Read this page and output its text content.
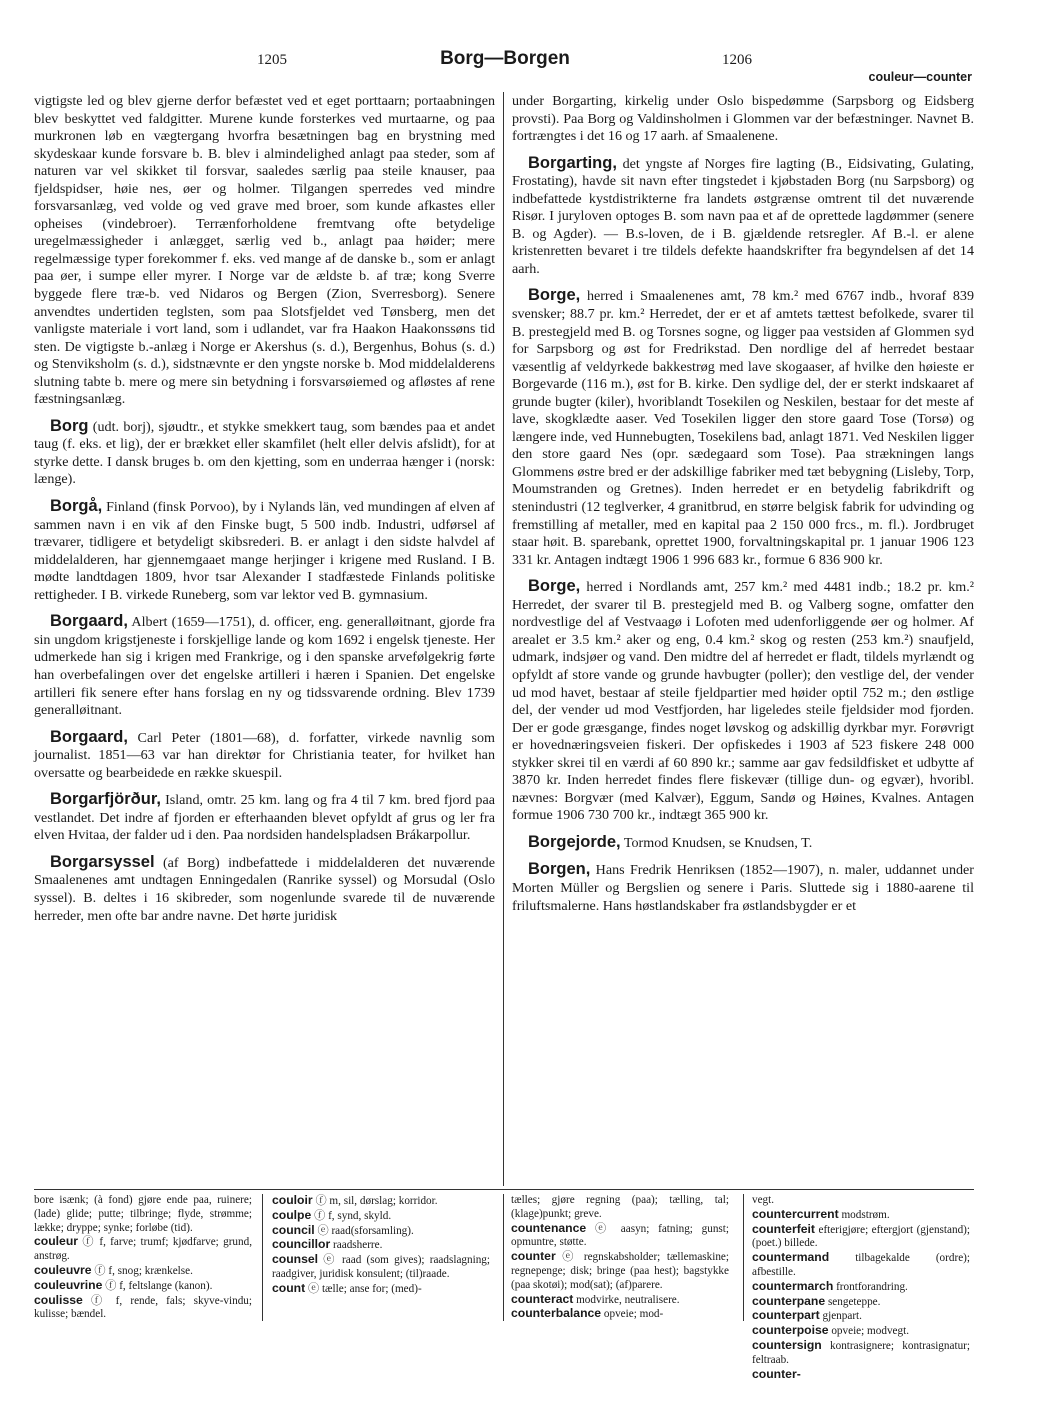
1205	Borg—Borgen	1206
couleur—counter

vigtigste led og blev gjerne derfor befæstet ved et eget porttaarn; portaabningen blev beskyttet ved faldgitter. Murene kunde forsterkes ved murtaarne, og paa murkronen løb en vægtergang hvorfra besætningen bag en brystning med skydeskaar kunde forsvare b. B. blev i almindelighed anlagt paa steder, som af naturen var vel skikket til forsvar, saaledes særlig paa steile knauser, paa fjeldspidser, høie nes, øer og holmer. Tilgangen sperredes ved mindre forsvarsanlæg, ved volde og ved grave med broer, som kunde afkastes eller opheises (vindebroer). Terrænforholdene fremtvang ofte betydelige uregelmæssigheder i anlægget, særlig ved b., anlagt paa høider; mere regelmæssige typer forekommer f. eks. ved mange af de danske b., som er anlagt paa øer, i sumpe eller myrer. I Norge var de ældste b. af træ; kong Sverre byggede flere træ-b. ved Nidaros og Bergen (Zion, Sverresborg). Senere anvendtes undertiden teglsten, som paa Slotsfjeldet ved Tønsberg, men det vanligste materiale i vort land, som i udlandet, var fra Haakon Haakonssøns tid sten. De vigtigste b.-anlæg i Norge er Akershus (s. d.), Bergenhus, Bohus (s. d.) og Stenviksholm (s. d.), sidstnævnte er den yngste norske b. Mod middelalderens slutning tabte b. mere og mere sin betydning i forsvarsøiemed og afløstes af rene fæstningsanlæg.

Borg (udt. borj), sjøudtr., et stykke smekkert taug, som bændes paa et andet taug (f. eks. et lig), der er brækket eller skamfilet (helt eller delvis afslidt), for at styrke dette. I dansk bruges b. om den kjetting, som en underraa hænger i (norsk: længe).

Borgå, Finland (finsk Porvoo), by i Nylands län, ved mundingen af elven af sammen navn i en vik af den Finske bugt, 5 500 indb. Industri, udførsel af trævarer, tidligere et betydeligt skibsrederi. B. er anlagt i den sidste halvdel af middelalderen, har gjennemgaaet mange herjinger i krigene med Rusland. I B. mødte landtdagen 1809, hvor tsar Alexander I stadfæstede Finlands politiske rettigheder. I B. virkede Runeberg, som var lektor ved B. gymnasium.

Borgaard, Albert (1659—1751), d. officer, eng. generalløitnant, gjorde fra sin ungdom krigstjeneste i forskjellige lande og kom 1692 i engelsk tjeneste. Her udmerkede han sig i krigen med Frankrige, og i den spanske arvefølgekrig førte han overbefalingen over det engelske artilleri i hæren i Spanien. Det engelske artilleri fik senere efter hans forslag en ny og tidssvarende ordning. Blev 1739 generalløitnant.

Borgaard, Carl Peter (1801—68), d. forfatter, virkede navnlig som journalist. 1851—63 var han direktør for Christiania teater, for hvilket han oversatte og bearbeidede en række skuespil.

Borgarfjörður, Island, omtr. 25 km. lang og fra 4 til 7 km. bred fjord paa vestlandet. Det indre af fjorden er efterhaanden blevet opfyldt af grus og ler fra elven Hvitaa, der falder ud i den. Paa nordsiden handelspladsen Brákarpollur.

Borgarsyssel (af Borg) indbefattede i middelalderen det nuværende Smaalenenes amt undtagen Enningedalen (Ranrike syssel) og Morsudal (Oslo syssel). B. deltes i 16 skibreder, som nogenlunde svarede til de nuværende herreder, men ofte bar andre navne. Det hørte juridisk

under Borgarting, kirkelig under Oslo bispedømme (Sarpsborg og Eidsberg provsti). Paa Borg og Valdinsholmen i Glommen var der befæstninger. Navnet B. fortrængtes i det 16 og 17 aarh. af Smaalenene.

Borgarting, det yngste af Norges fire lagting (B., Eidsivating, Gulating, Frostating), havde sit navn efter tingstedet i kjøbstaden Borg (nu Sarpsborg) og indbefattede kystdistrikterne fra landets østgrænse omtrent til det nuværende Risør. I juryloven optoges B. som navn paa et af de oprettede lagdømmer (senere B. og Agder). — B.s-loven, de i B. gjældende retsregler. Af B.-l. er alene kristenretten bevaret i tre tildels defekte haandskrifter fra begyndelsen af det 14 aarh.

Borge, herred i Smaalenenes amt, 78 km.² med 6767 indb., hvoraf 839 svensker; 88.7 pr. km.² Herredet, der er et af amtets tættest befolkede, svarer til B. prestegjeld med B. og Torsnes sogne, og ligger paa vestsiden af Glommen syd for Sarpsborg og øst for Fredrikstad. Den nordlige del af herredet bestaar væsentlig af veldyrkede bakkestrøg med lave skogaaser, af hvilke den høieste er Borgevarde (116 m.), øst for B. kirke. Den sydlige del, der er sterkt indskaaret af grunde bugter (kiler), hvoriblandt Tosekilen og Neskilen, bestaar for det meste af lave, skogklædte aaser. Ved Tosekilen ligger den store gaard Tose (Torsø) og længere inde, ved Hunnebugten, Tosekilens bad, anlagt 1871. Ved Neskilen ligger den store gaard Nes (opr. sædegaard som Tose). Paa strækningen langs Glommens østre bred er der adskillige fabriker med tæt bebygning (Lisleby, Torp, Moumstranden og Gretnes). Inden herredet er en betydelig fabrikdrift og stenindustri (12 teglverker, 4 granitbrud, en større belgisk fabrik for udvinding og fremstilling af metaller, med en kapital paa 2 150 000 frcs., m. fl.). Jordbruget staar høit. B. sparebank, oprettet 1900, forvaltningskapital pr. 1 januar 1906 123 331 kr. Antagen indtægt 1906 1 996 683 kr., formue 6 836 900 kr.

Borge, herred i Nordlands amt, 257 km.² med 4481 indb.; 18.2 pr. km.² Herredet, der svarer til B. prestegjeld med B. og Valberg sogne, omfatter den nordvestlige del af Vestvaagø i Lofoten med udenforliggende øer og holmer. Af arealet er 3.5 km.² aker og eng, 0.4 km.² skog og resten (253 km.²) snaufjeld, udmark, indsjøer og vand. Den midtre del af herredet er fladt, tildels myrlændt og opfyldt af store vande og grunde havbugter (poller); den vestlige del, der vender ud mod havet, bestaar af steile fjeldpartier med høider optil 752 m.; den østlige del, der vender ud mod Vestfjorden, har ligeledes steile fjeldsider mod fjorden. Der er gode græsgange, findes noget løvskog og adskillig dyrkbar myr. Forøvrigt er hovednæringsveien fiskeri. Der opfiskedes i 1903 af 523 fiskere 248 000 stykker skrei til en værdi af 60 890 kr.; samme aar gav fedsildfisket et udbytte af 3870 kr. Inden herredet findes flere fiskevær (tillige dun- og egvær), hvoribl. nævnes: Borgvær (med Kalvær), Eggum, Sandø og Høines, Kvalnes. Antagen formue 1906 730 700 kr., indtægt 365 900 kr.

Borgejorde, Tormod Knudsen, se Knudsen, T.

Borgen, Hans Fredrik Henriksen (1852—1907), n. maler, uddannet under Morten Müller og Bergslien og senere i Paris. Sluttede sig i 1880-aarene til friluftsmalerne. Hans høstlandskaber fra østlandsbygder er et

bore isænk; (à fond) gjøre ende paa, ruinere; (lade) glide; putte; tilbringe; flyde, strømme; lække; dryppe; synke; forløbe (tid).

couleur ⓕ f, farve; trumf; kjødfarve; grund, anstrøg.

couleuvre ⓕ f, snog; krænkelse.

couleuvrine ⓕ f, feltslange (kanon).

coulisse ⓕ f, rende, fals; skyve-vindu; kulisse; bændel.

couloir ⓕ m, sil, dørslag; korridor.

coulpe ⓕ f, synd, skyld.

council ⓔ raad(sforsamling).

councillor raadsherre.

counsel ⓔ raad (som gives); raadslagning; raadgiver, juridisk konsulent; (til)raade.

count ⓔ tælle; anse for; (med)-

tælles; gjøre regning (paa); tælling, tal; (klage)punkt; greve.

countenance ⓔ aasyn; fatning; gunst; opmuntre, støtte.

counter ⓔ regnskabsholder; tællemaskine; regnepenge; disk; bringe (paa hest); bagstykke (paa skotøi); mod(sat); (af)parere.

counteract modvirke, neutralisere.

counterbalance opveie; mod-

vegt.

countercurrent modstrøm.

counterfeit efterigjøre; eftergjort (gjenstand); (poet.) billede.

countermand tilbagekalde (ordre); afbestille.

countermarch frontforandring.

counterpane sengeteppe.

counterpart gjenpart.

counterpoise opveie; modvegt.

countersign kontrasignere; kontrasignatur; feltraab.

counter-
